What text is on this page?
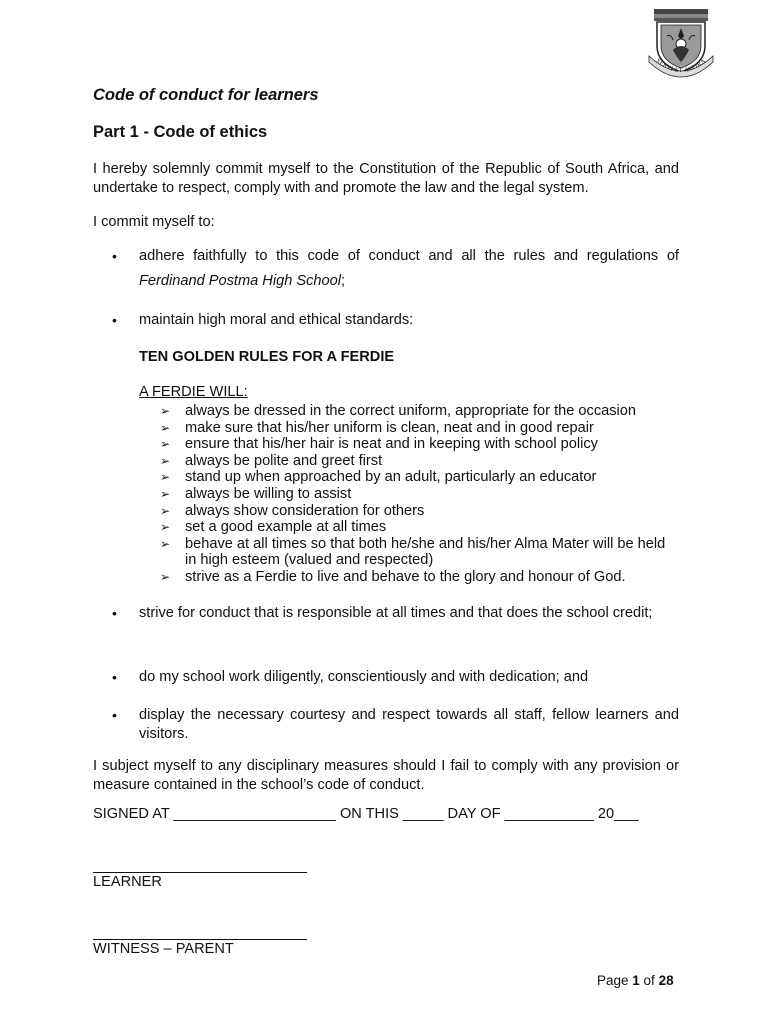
SERVI ET ASPIRA
Code of conduct for learners
Part 1 - Code of ethics

I hereby solemnly commit myself to the Constitution of the Republic of South Africa, and undertake to respect, comply with and promote the law and the legal system.

I commit myself to:

• adhere faithfully to this code of conduct and all the rules and regulations of Ferdinand Postma High School;

• maintain high moral and ethical standards:

TEN GOLDEN RULES FOR A FERDIE

A FERDIE WILL:

➢ always be dressed in the correct uniform, appropriate for the occasion
➢ make sure that his/her uniform is clean, neat and in good repair
➢ ensure that his/her hair is neat and in keeping with school policy
➢ always be polite and greet first
➢ stand up when approached by an adult, particularly an educator
➢ always be willing to assist
➢ always show consideration for others
➢ set a good example at all times
➢ behave at all times so that both he/she and his/her Alma Mater will be held in high esteem (valued and respected)
➢ strive as a Ferdie to live and behave to the glory and honour of God.
• strive for conduct that is responsible at all times and that does the school credit;

• do my school work diligently, conscientiously and with dedication; and

• display the necessary courtesy and respect towards all staff, fellow learners and visitors.

I subject myself to any disciplinary measures should I fail to comply with any provision or measure contained in the school’s code of conduct.

SIGNED AT ____________________ ON THIS _____ DAY OF ___________ 20___

LEARNER

WITNESS – PARENT

Page 1 of 28
